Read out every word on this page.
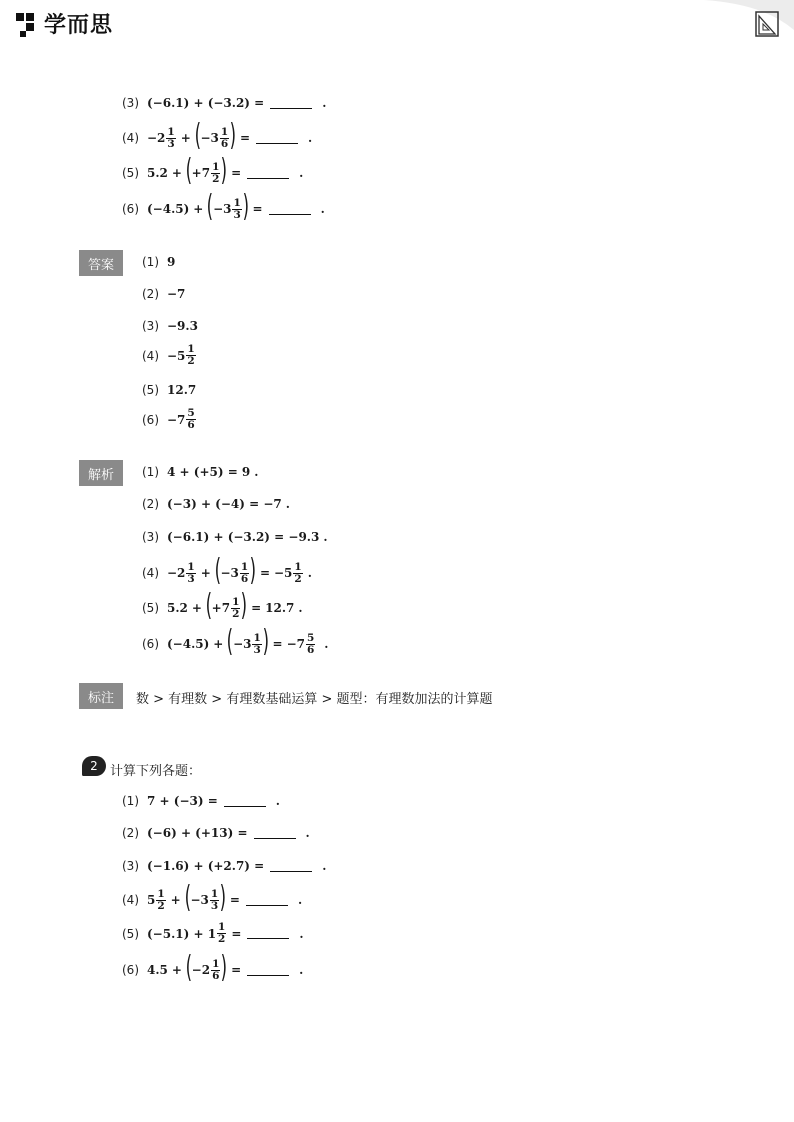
学而思
(3) (−6.1) + (−3.2) =	.
(4) −2 1
3 + ( −3 1
6 ) =	.
(5) 5.2 + ( +7 1
2 ) =	.
(6) (−4.5) + ( −3 1
3 ) =	.
答案	(1) 9
(2) −7
(3) −9.3
(4) −5 1
2
(5) 12.7
(6) −7 5
6
解析	(1) 4 + (+5) = 9 .
(2) (−3) + (−4) = −7 .
(3) (−6.1) + (−3.2) = −9.3 .
(4) −2 1
3 + ( −3 1
6 ) = −5 1
2 .
(5) 5.2 + ( +7 1
2 ) = 12.7 .
(6) (−4.5) + ( −3 1
3 ) = −7 5
6 .
标注	数 > 有理数 > 有理数基础运算 > 题型：有理数加法的计算题
2 计算下列各题：
(1) 7 + (−3) =	.
(2) (−6) + (+13) =	.
(3) (−1.6) + (+2.7) =	.
(4) 5 1
2 + ( −3 1
3 ) =	.
(5) (−5.1) + 1 1
2 =	.
(6) 4.5 + ( −2 1
6 ) =	.
